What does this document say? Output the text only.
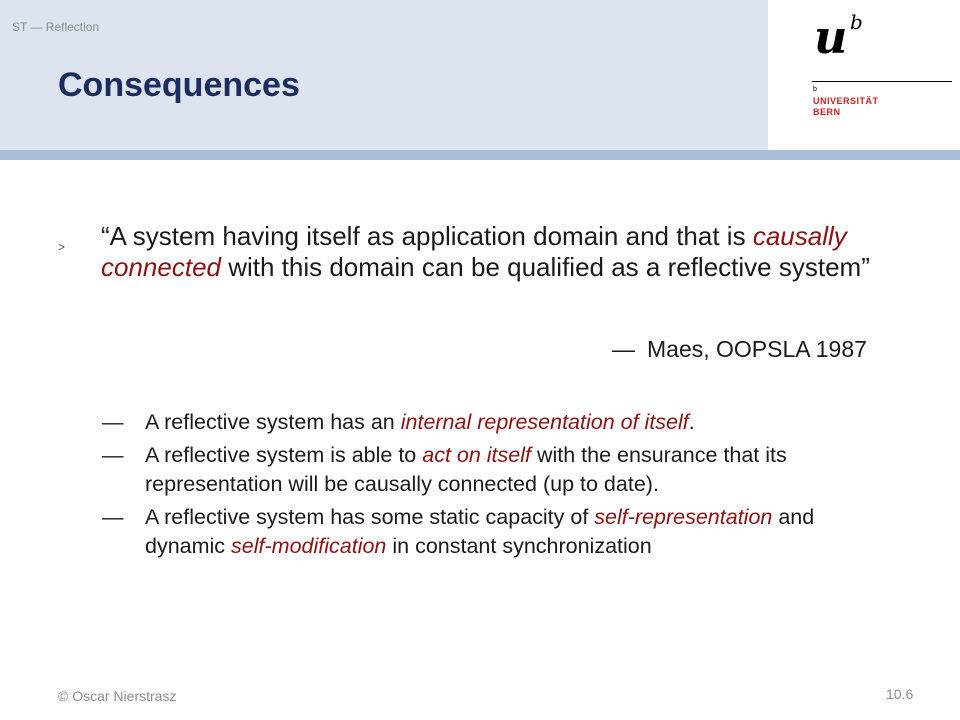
ST — Reflection
Consequences
u b
b
UNIVERSITÄT
BERN
> “A system having itself as application domain and that is causally connected with this domain can be qualified as a reflective system”
— Maes, OOPSLA 1987
— A reflective system has an internal representation of itself.
— A reflective system is able to act on itself with the ensurance that its representation will be causally connected (up to date).
— A reflective system has some static capacity of self-representation and dynamic self-modification in constant synchronization
© Oscar Nierstrasz	10.6
